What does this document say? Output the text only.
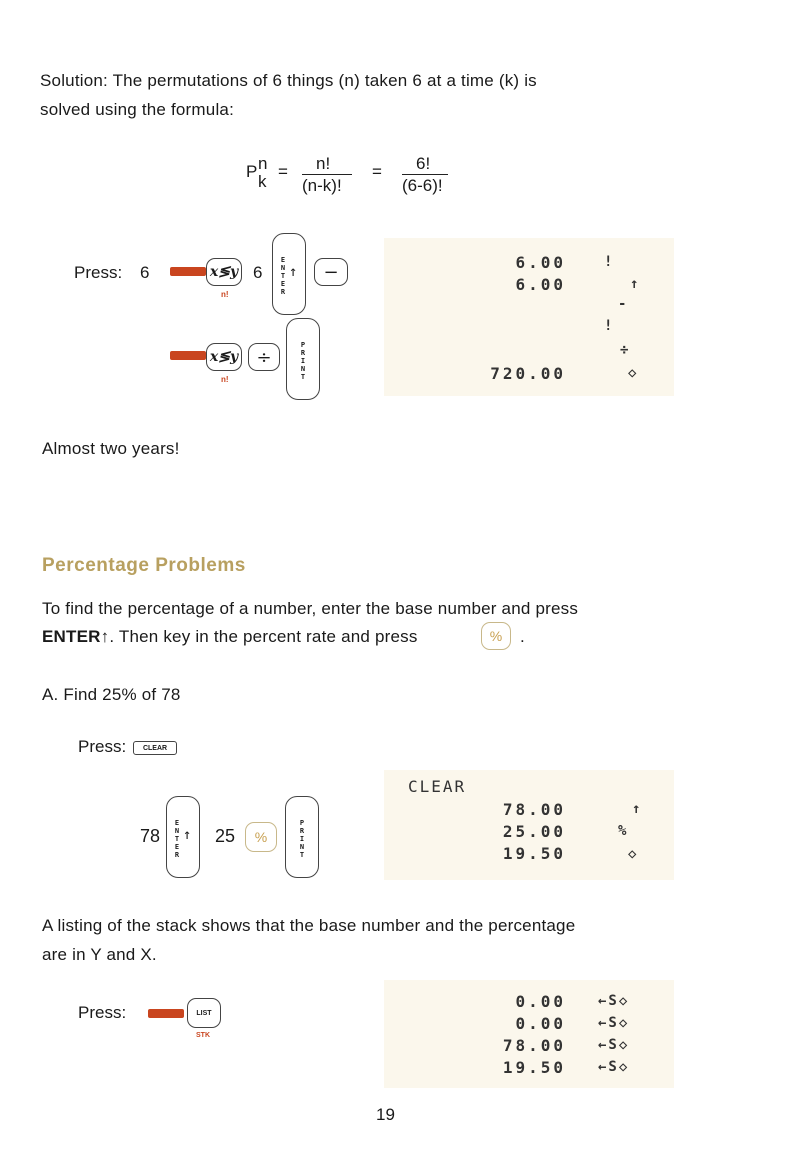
Solution: The permutations of 6 things (n) taken 6 at a time (k) is
solved using the formula:
P n
k
= n!
(n-k)!
= 6!
(6-6)!
Press: 6	x≶y
n!
6
E
N
T
E
R
↑	−
x≶y
n!
÷
P
R
I
N
T
6.00	!
6.00	↑
-
!
÷
720.00	◇
Almost two years!
Percentage Problems
To find the percentage of a number, enter the base number and press
ENTER↑. Then key in the percent rate and press	%	.
A. Find 25% of 78
Press:	CLEAR
78
E
N
T
E
R
↑ 25	%
P
R
I
N
T
CLEAR
78.00	↑
25.00	%
19.50	◇
A listing of the stack shows that the base number and the percentage
are in Y and X.
Press:	LIST
STK
0.00 ←S◇
0.00 ←S◇
78.00 ←S◇
19.50 ←S◇
19
